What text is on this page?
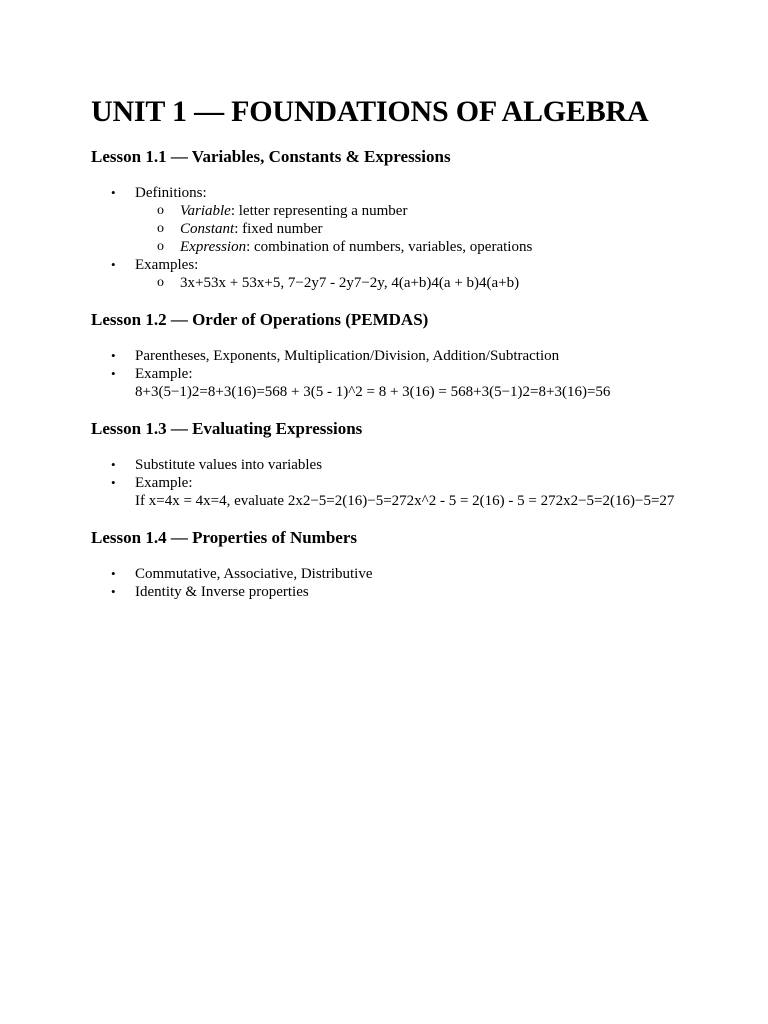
UNIT 1 — FOUNDATIONS OF ALGEBRA
Lesson 1.1 — Variables, Constants & Expressions
• Definitions:
o Variable: letter representing a number
o Constant: fixed number
o Expression: combination of numbers, variables, operations
• Examples:
o 3x+53x + 53x+5, 7−2y7 - 2y7−2y, 4(a+b)4(a + b)4(a+b)
Lesson 1.2 — Order of Operations (PEMDAS)
• Parentheses, Exponents, Multiplication/Division, Addition/Subtraction
• Example:
8+3(5−1)2=8+3(16)=568 + 3(5 - 1)^2 = 8 + 3(16) = 568+3(5−1)2=8+3(16)=56
Lesson 1.3 — Evaluating Expressions
• Substitute values into variables
• Example:
If x=4x = 4x=4, evaluate 2x2−5=2(16)−5=272x^2 - 5 = 2(16) - 5 = 272x2−5=2(16)−5=27
Lesson 1.4 — Properties of Numbers
• Commutative, Associative, Distributive
• Identity & Inverse properties
